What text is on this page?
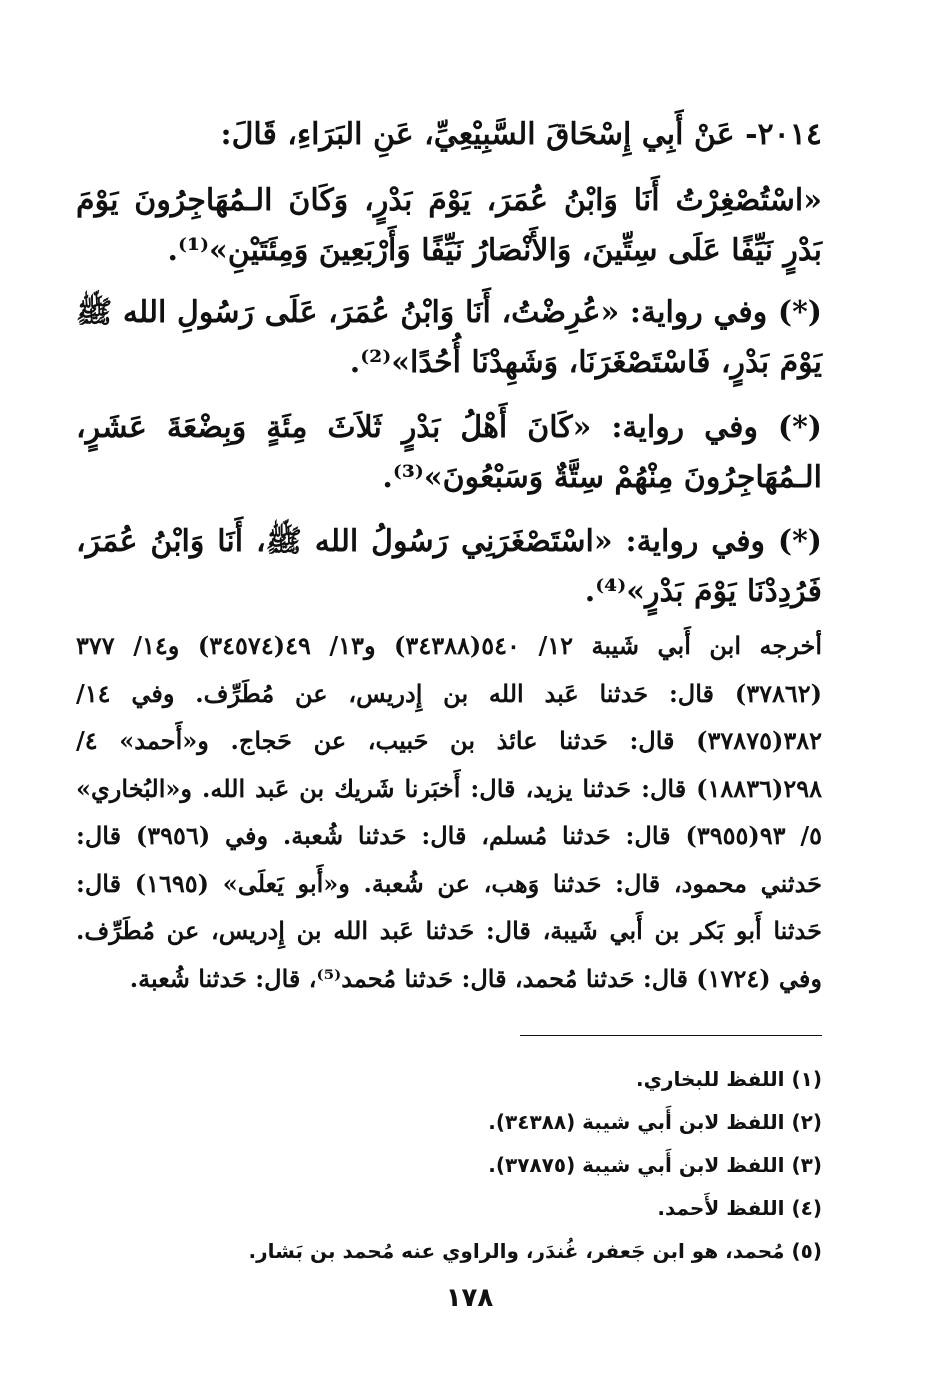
٢٠١٤- عَنْ أَبِي إِسْحَاقَ السَّبِيْعِيِّ، عَنِ البَرَاءِ، قَالَ:
«اسْتُصْغِرْتُ أَنَا وَابْنُ عُمَرَ، يَوْمَ بَدْرٍ، وَكَانَ الـمُهَاجِرُونَ يَوْمَ بَدْرٍ نَيِّفًا عَلَى سِتِّينَ، وَالأَنْصَارُ نَيِّفًا وَأَرْبَعِينَ وَمِئَتَيْنِ»⁽¹⁾.
(*) وفي رواية: «عُرِضْتُ، أَنَا وَابْنُ عُمَرَ، عَلَى رَسُولِ الله ﷺ يَوْمَ بَدْرٍ، فَاسْتَصْغَرَنَا، وَشَهِدْنَا أُحُدًا»⁽²⁾.
(*) وفي رواية: «كَانَ أَهْلُ بَدْرٍ ثَلاَثَ مِئَةٍ وَبِضْعَةَ عَشَرٍ، الـمُهَاجِرُونَ مِنْهُمْ سِتَّةٌ وَسَبْعُونَ»⁽³⁾.
(*) وفي رواية: «اسْتَصْغَرَنِي رَسُولُ الله ﷺ، أَنَا وَابْنُ عُمَرَ، فَرُدِدْنَا يَوْمَ بَدْرٍ»⁽⁴⁾.
أخرجه ابن أَبي شَيبة ١٢/ ٥٤٠(٣٤٣٨٨) و١٣/ ٤٩(٣٤٥٧٤) و١٤/ ٣٧٧ (٣٧٨٦٢) قال: حَدثنا عَبد الله بن إِدريس، عن مُطَرِّف. وفي ١٤/ ٣٨٢(٣٧٨٧٥) قال: حَدثنا عائذ بن حَبيب، عن حَجاج. و«أَحمد» ٤/ ٢٩٨(١٨٨٣٦) قال: حَدثنا يزيد، قال: أَخبَرنا شَريك بن عَبد الله. و«البُخاري» ٥/ ٩٣(٣٩٥٥) قال: حَدثنا مُسلم، قال: حَدثنا شُعبة. وفي (٣٩٥٦) قال: حَدثني محمود، قال: حَدثنا وَهب، عن شُعبة. و«أَبو يَعلَى» (١٦٩٥) قال: حَدثنا أَبو بَكر بن أَبي شَيبة، قال: حَدثنا عَبد الله بن إِدريس، عن مُطَرِّف. وفي (١٧٢٤) قال: حَدثنا مُحمد، قال: حَدثنا مُحمد⁽⁵⁾، قال: حَدثنا شُعبة.
(١) اللفظ للبخاري.
(٢) اللفظ لابن أَبي شيبة (٣٤٣٨٨).
(٣) اللفظ لابن أَبي شيبة (٣٧٨٧٥).
(٤) اللفظ لأَحمد.
(٥) مُحمد، هو ابن جَعفر، غُندَر، والراوي عنه مُحمد بن بَشار.
١٧٨
